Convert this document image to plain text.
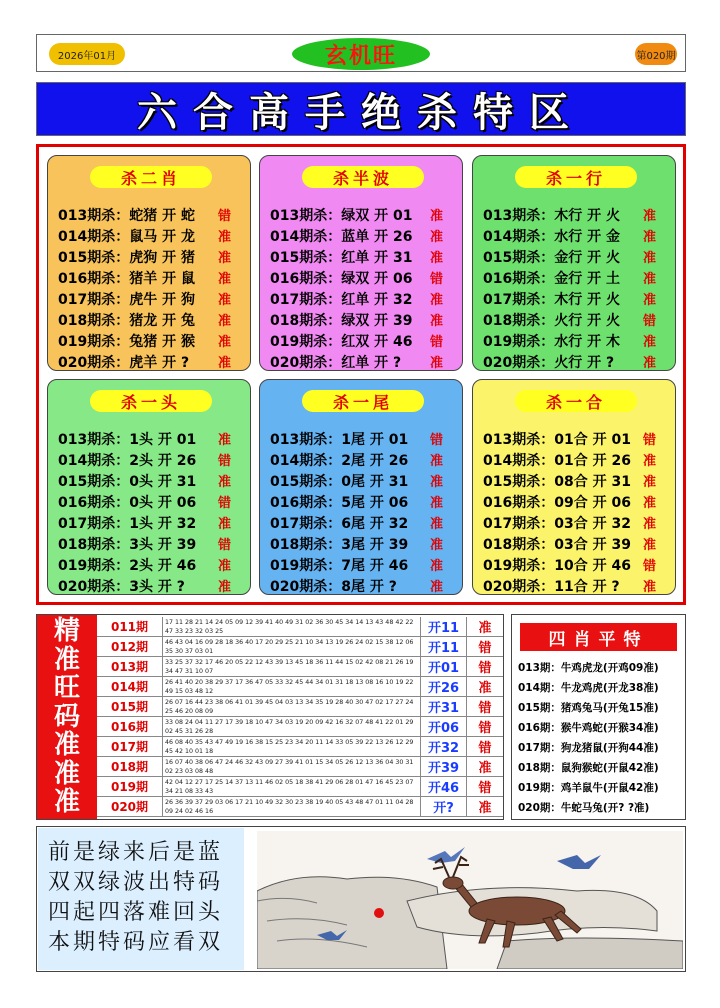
2026年01月	玄机旺	第020期
六合高手绝杀特区
杀二肖
013期杀：蛇猪 开 蛇	错
014期杀：鼠马 开 龙	准
015期杀：虎狗 开 猪	准
016期杀：猪羊 开 鼠	准
017期杀：虎牛 开 狗	准
018期杀：猪龙 开 兔	准
019期杀：兔猪 开 猴	准
020期杀：虎羊 开 ?	准
杀半波
013期杀：绿双 开 01	准
014期杀：蓝单 开 26	准
015期杀：红单 开 31	准
016期杀：绿双 开 06	错
017期杀：红单 开 32	准
018期杀：绿双 开 39	准
019期杀：红双 开 46	错
020期杀：红单 开 ?	准
杀一行
013期杀：木行 开 火	准
014期杀：水行 开 金	准
015期杀：金行 开 火	准
016期杀：金行 开 土	准
017期杀：木行 开 火	准
018期杀：火行 开 火	错
019期杀：水行 开 木	准
020期杀：火行 开 ?	准
杀一头
013期杀：1头 开 01	准
014期杀：2头 开 26	错
015期杀：0头 开 31	准
016期杀：0头 开 06	错
017期杀：1头 开 32	准
018期杀：3头 开 39	错
019期杀：2头 开 46	准
020期杀：3头 开 ?	准
杀一尾
013期杀：1尾 开 01	错
014期杀：2尾 开 26	准
015期杀：0尾 开 31	准
016期杀：5尾 开 06	准
017期杀：6尾 开 32	准
018期杀：3尾 开 39	准
019期杀：7尾 开 46	准
020期杀：8尾 开 ?	准
杀一合
013期杀：01合 开 01 错
014期杀：01合 开 26 准
015期杀：08合 开 31 准
016期杀：09合 开 06 准
017期杀：03合 开 32 准
018期杀：03合 开 39 准
019期杀：10合 开 46 错
020期杀：11合 开 ?	准
精
准
旺
码
准
准
准
011期	17 11 28 21 14 24 05 09 12 39 41 40 49 31 02 36 30 45 34 14 13 43 48 42 22 47 33 23 32 03 25	开11	准
012期	46 43 04 16 09 28 18 36 40 17 20 29 25 21 10 34 13 19 26 24 02 15 38 12 06 35 30 37 03 01	开11	错
013期	33 25 37 32 17 46 20 05 22 12 43 39 13 45 18 36 11 44 15 02 42 08 21 26 19 34 47 31 10 07	开01	错
014期	26 41 40 20 38 29 37 17 36 47 05 33 32 45 44 34 01 31 18 13 08 16 10 19 22 49 15 03 48 12	开26	准
015期	26 07 16 44 23 38 06 41 01 39 45 04 03 13 34 35 19 28 40 30 47 02 17 27 24 25 46 20 08 09	开31	错
016期	33 08 24 04 11 27 17 39 18 10 47 34 03 19 20 09 42 16 32 07 48 41 22 01 29 02 45 31 26 28	开06	错
017期	46 08 40 35 43 47 49 19 16 38 15 25 23 34 20 11 14 33 05 39 22 13 26 12 29 45 42 10 01 18	开32	错
018期	16 07 40 38 06 47 24 46 32 43 09 27 39 41 01 15 34 05 26 12 13 36 04 30 31 02 23 03 08 48	开39	准
019期	42 04 12 27 17 25 14 37 13 11 46 02 05 18 38 41 29 06 28 01 47 16 45 23 07 34 21 08 33 43	开46	错
020期	26 36 39 37 29 03 06 17 21 10 49 32 30 23 38 19 40 05 43 48 47 01 11 04 28 09 24 02 46 16	开?	准
四肖平特
013期：牛鸡虎龙(开鸡09准)
014期：牛龙鸡虎(开龙38准)
015期：猪鸡兔马(开兔15准)
016期：猴牛鸡蛇(开猴34准)
017期：狗龙猪鼠(开狗44准)
018期：鼠狗猴蛇(开鼠42准)
019期：鸡羊鼠牛(开鼠42准)
020期：牛蛇马兔(开? ?准)
前是绿来后是蓝
双双绿波出特码
四起四落难回头
本期特码应看双
